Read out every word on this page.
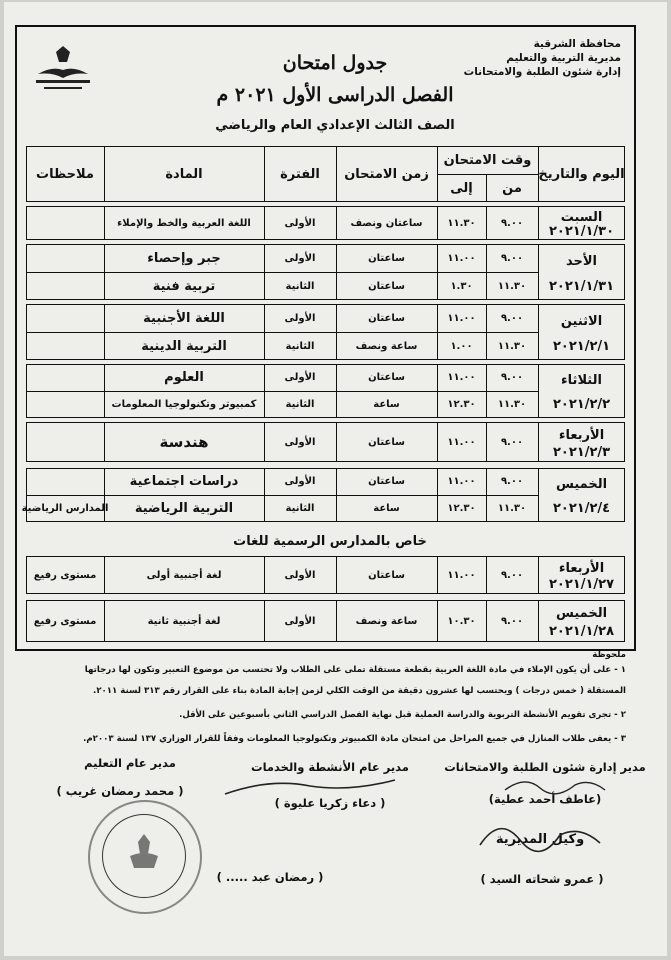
محافظة الشرقية
مديرية التربية والتعليم
إدارة شئون الطلبة والامتحانات
جدول امتحان
الفصل الدراسى الأول ٢٠٢١ م
الصف الثالث الإعدادي العام والرياضي
اليوم والتاريخ
وقت الامتحان
من
إلى
زمن الامتحان
الفترة
المادة
ملاحظات
السبت
٢٠٢١/١/٣٠
٩.٠٠
١١.٣٠
ساعتان ونصف
الأولى
اللغة العربية والخط والإملاء
الأحد
٢٠٢١/١/٣١
٩.٠٠
١١.٠٠
ساعتان
الأولى
جبر وإحصاء
١١.٣٠
١.٣٠
ساعتان
الثانية
تربية فنية
الاثنين
٢٠٢١/٢/١
٩.٠٠
١١.٠٠
ساعتان
الأولى
اللغة الأجنبية
١١.٣٠
١.٠٠
ساعة ونصف
الثانية
التربية الدينية
الثلاثاء
٢٠٢١/٢/٢
٩.٠٠
١١.٠٠
ساعتان
الأولى
العلوم
١١.٣٠
١٢.٣٠
ساعة
الثانية
كمبيوتر وتكنولوجيا المعلومات
الأربعاء
٢٠٢١/٢/٣
٩.٠٠
١١.٠٠
ساعتان
الأولى
هندسة
الخميس
٢٠٢١/٢/٤
٩.٠٠
١١.٠٠
ساعتان
الأولى
دراسات اجتماعية
١١.٣٠
١٢.٣٠
ساعة
الثانية
التربية الرياضية
المدارس الرياضية
خاص بالمدارس الرسمية للغات
الأربعاء
٢٠٢١/١/٢٧
٩.٠٠
١١.٠٠
ساعتان
الأولى
لغة أجنبية أولى
مستوى رفيع
الخميس
٢٠٢١/١/٢٨
٩.٠٠
١٠.٣٠
ساعة ونصف
الأولى
لغة أجنبية ثانية
مستوى رفيع
ملحوظة
١ - على أن يكون الإملاء في مادة اللغة العربية بقطعة مستقلة تملى على الطلاب ولا تحتسب من موضوع التعبير وتكون لها درجاتها
المستقلة ( خمس درجات ) ويحتسب لها عشرون دقيقة من الوقت الكلي لزمن إجابة المادة بناء على القرار رقم ٣١٣ لسنة ٢٠١١.
٢ - تجرى تقويم الأنشطة التربوية والدراسة العملية قبل نهاية الفصل الدراسي الثاني بأسبوعين على الأقل.
٣ - يعفى طلاب المنازل في جميع المراحل من امتحان مادة الكمبيوتر وتكنولوجيا المعلومات وفقاً للقرار الوزاري ١٣٧ لسنة ٢٠٠٣م.
مدير إدارة شئون الطلبة والامتحانات
(عاطف أحمد عطية)
مدير عام الأنشطة والخدمات
( دعاء زكريا عليوة )
مدير عام التعليم
( محمد رمضان غريب )
وكيل المديرية
( عمرو شحاته السيد )
( رمضان عبد ..... )
